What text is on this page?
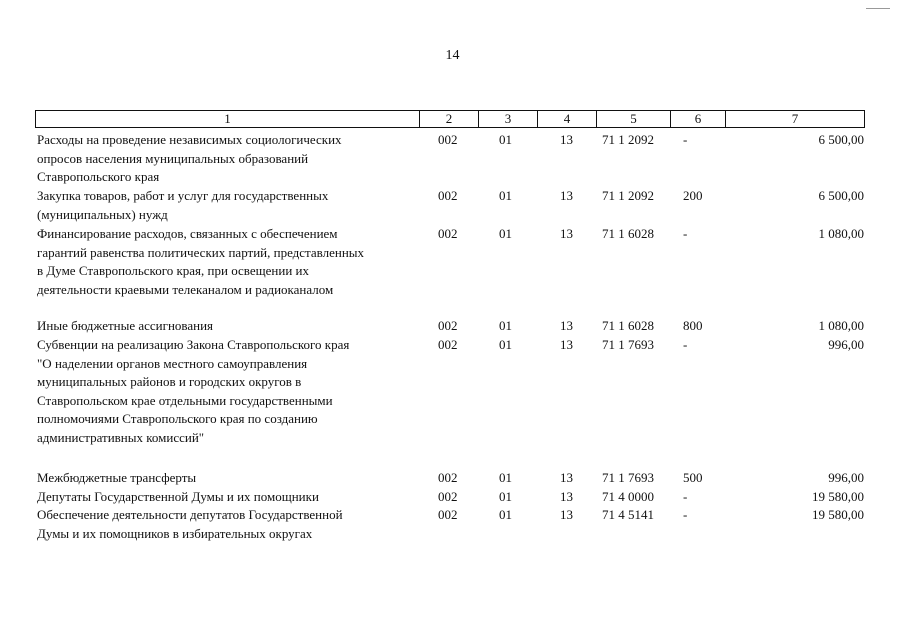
14
1	2	3	4	5	6	7
Расходы на проведение независимых социологических
опросов населения муниципальных образований
Ставропольского края
002	01	13	71 1 2092	-	6 500,00
Закупка товаров, работ и услуг для государственных
(муниципальных) нужд
002	01	13	71 1 2092	200	6 500,00
Финансирование расходов, связанных с обеспечением
гарантий равенства политических партий, представленных
в Думе Ставропольского края, при освещении их
деятельности краевыми телеканалом и радиоканалом
002	01	13	71 1 6028	-	1 080,00
Иные бюджетные ассигнования	002	01	13	71 1 6028	800	1 080,00
Субвенции на реализацию Закона Ставропольского края
"О наделении органов местного самоуправления
муниципальных районов и городских округов в
Ставропольском крае отдельными государственными
полномочиями Ставропольского края по созданию
административных комиссий"
002	01	13	71 1 7693	-	996,00
Межбюджетные трансферты	002	01	13	71 1 7693	500	996,00
Депутаты Государственной Думы и их помощники	002	01	13	71 4 0000	-	19 580,00
Обеспечение деятельности депутатов Государственной
Думы и их помощников в избирательных округах
002	01	13	71 4 5141	-	19 580,00
